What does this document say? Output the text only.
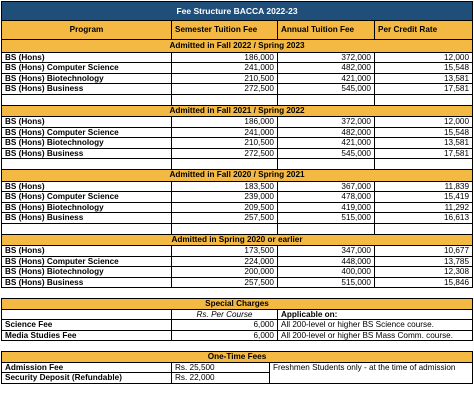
Fee Structure BACCA 2022-23			
Program	Semester Tuition Fee	Annual Tuition Fee	Per Credit Rate
Admitted in Fall 2022 / Spring 2023			
BS (Hons)	186,000	372,000	12,000
BS (Hons) Computer Science	241,000	482,000	15,548
BS (Hons) Biotechnology	210,500	421,000	13,581
BS (Hons) Business	272,500	545,000	17,581

Admitted in Fall 2021 / Spring 2022			
BS (Hons)	186,000	372,000	12,000
BS (Hons) Computer Science	241,000	482,000	15,548
BS (Hons) Biotechnology	210,500	421,000	13,581
BS (Hons) Business	272,500	545,000	17,581

Admitted in Fall 2020 / Spring 2021			
BS (Hons)	183,500	367,000	11,839
BS (Hons) Computer Science	239,000	478,000	15,419
BS (Hons) Biotechnology	209,500	419,000	11,292
BS (Hons) Business	257,500	515,000	16,613

Admitted in Spring 2020 or earlier			
BS (Hons)	173,500	347,000	10,677
BS (Hons) Computer Science	224,000	448,000	13,785
BS (Hons) Biotechnology	200,000	400,000	12,308
BS (Hons) Business	257,500	515,000	15,846
Special Charges		
	Rs. Per Course	Applicable on:
Science Fee	6,000	All 200-level or higher BS Science course.
Media Studies Fee	6,000	All 200-level or higher BS Mass Comm. course.
One-Time Fees		
Admission Fee	Rs. 25,500	Freshmen Students only - at the time of admission
Security Deposit (Refundable)	Rs. 22,000	
